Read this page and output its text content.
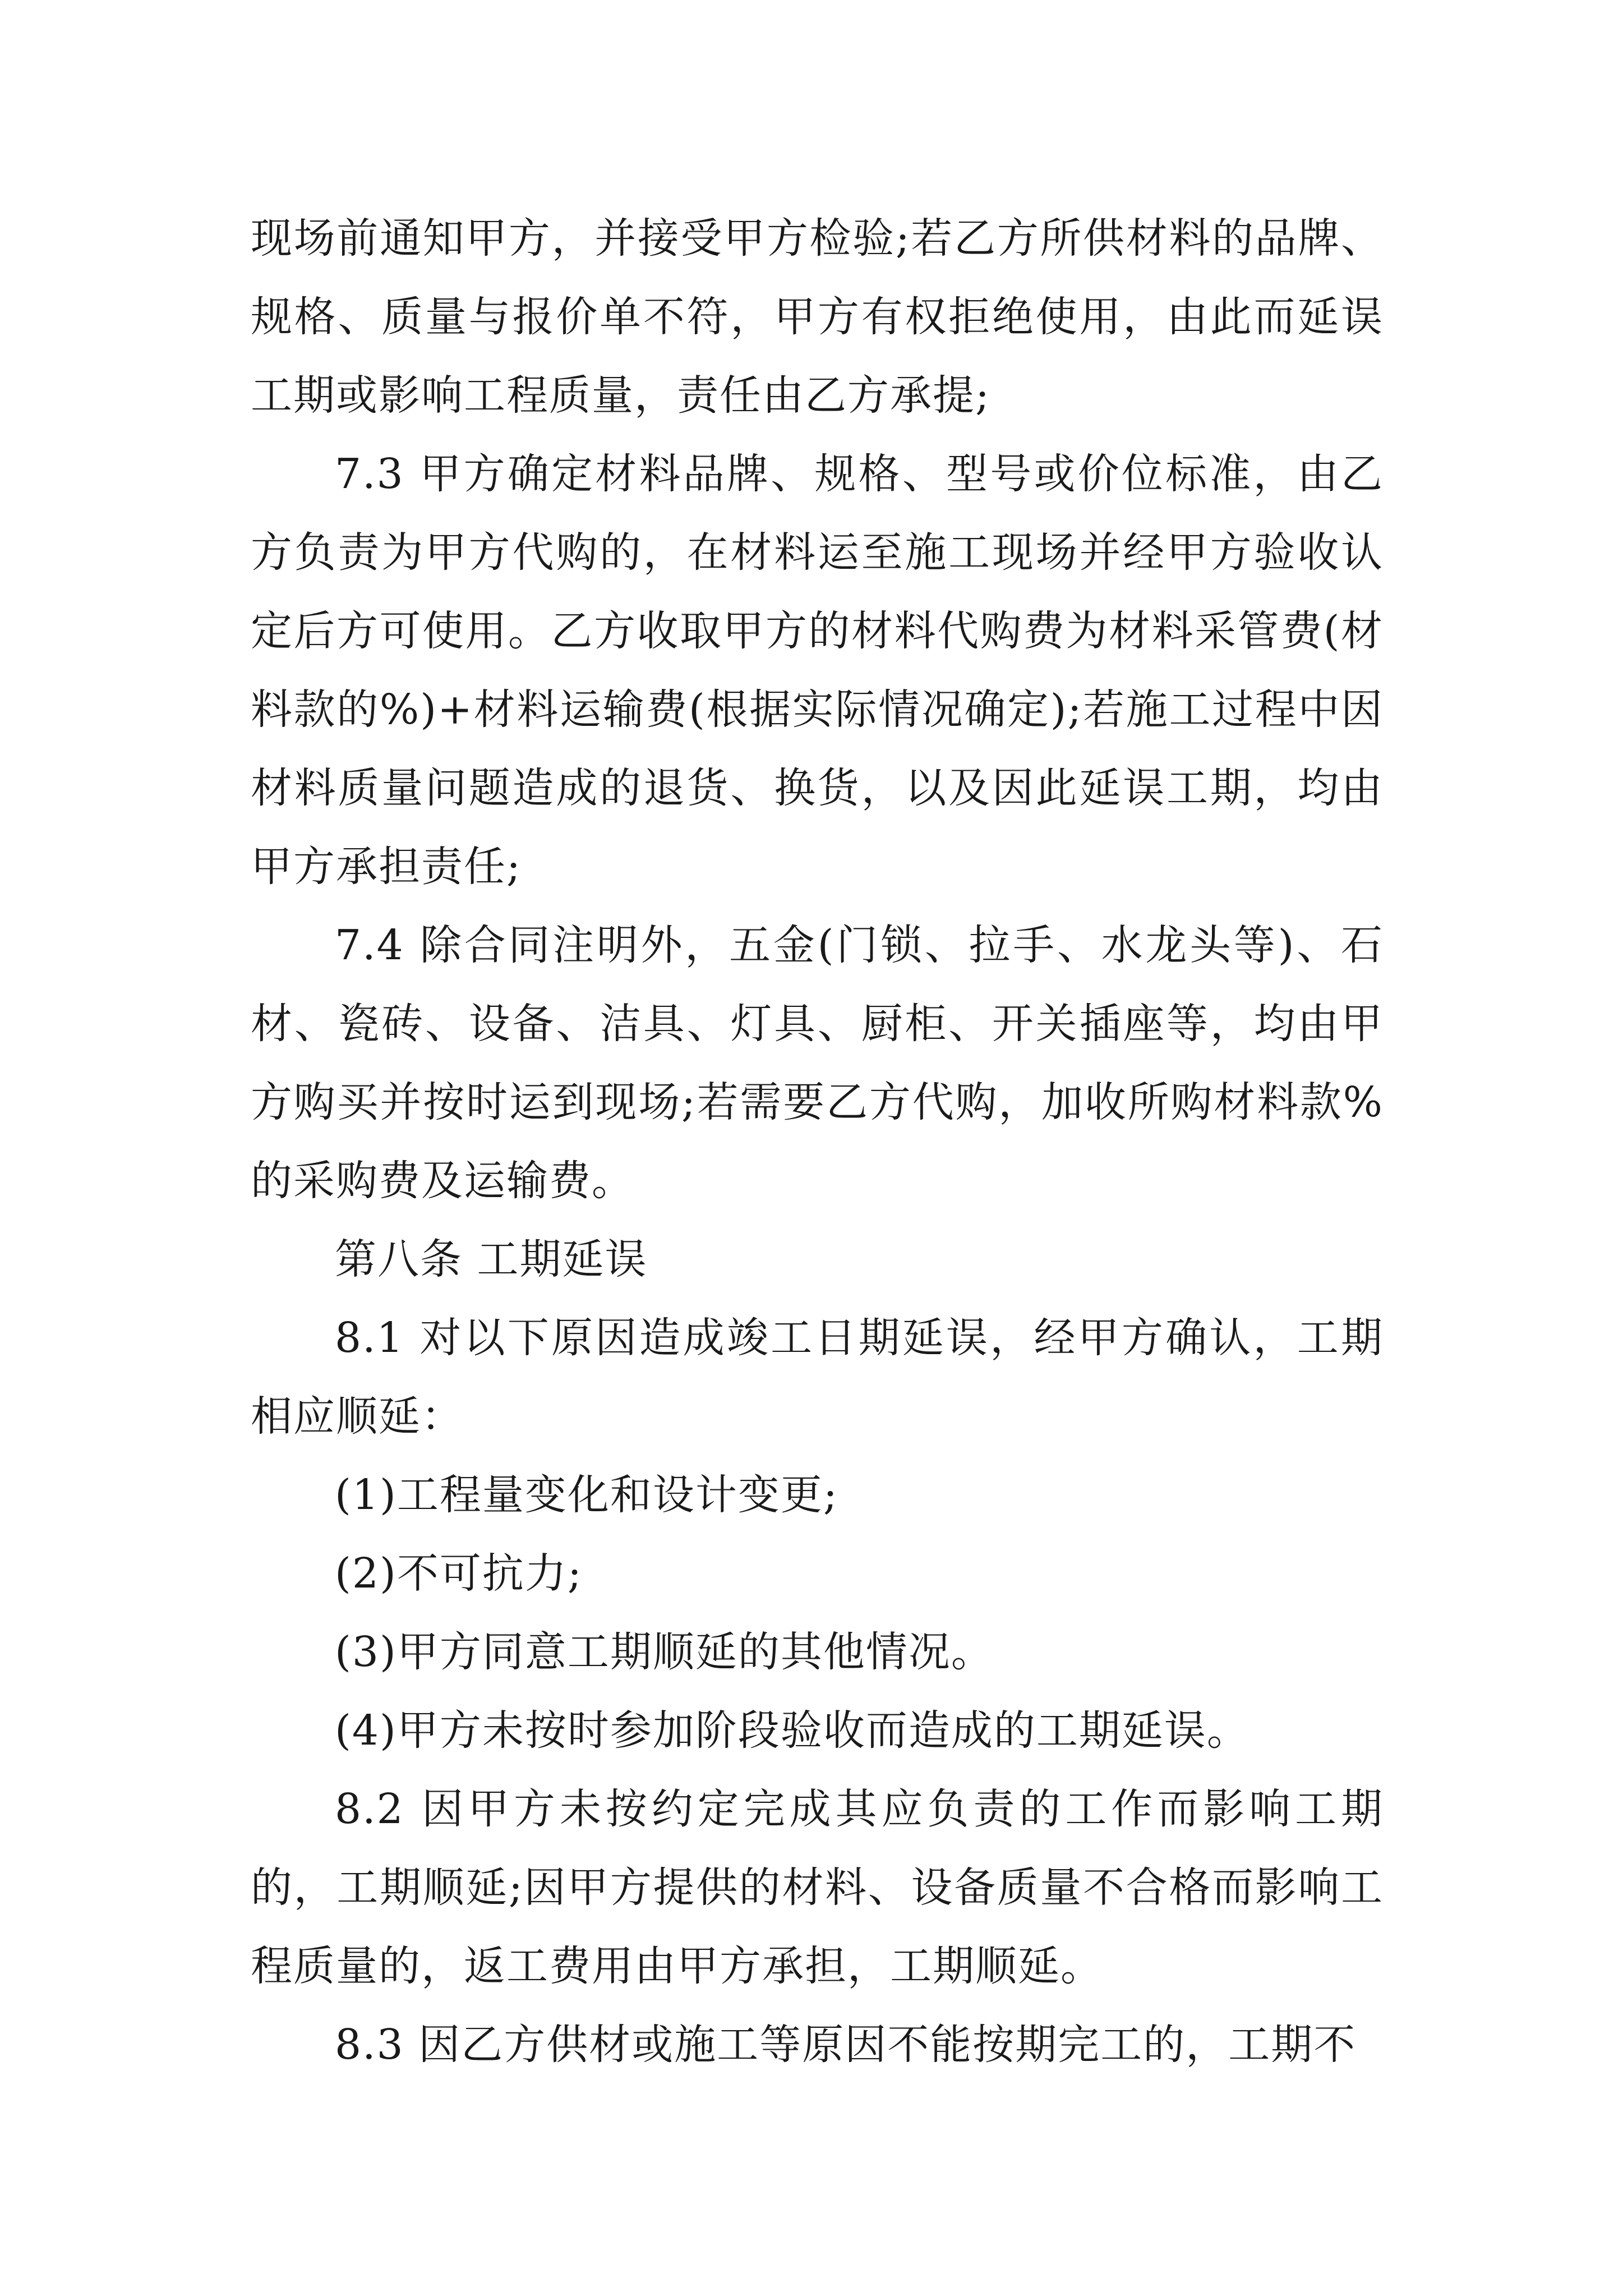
现场前通知甲方，并接受甲方检验;若乙方所供材料的品牌、规格、质量与报价单不符，甲方有权拒绝使用，由此而延误工期或影响工程质量，责任由乙方承提;

7.3 甲方确定材料品牌、规格、型号或价位标准，由乙方负责为甲方代购的，在材料运至施工现场并经甲方验收认定后方可使用。乙方收取甲方的材料代购费为材料采管费(材料款的%)+材料运输费(根据实际情况确定);若施工过程中因材料质量问题造成的退货、换货，以及因此延误工期，均由甲方承担责任;

7.4 除合同注明外，五金(门锁、拉手、水龙头等)、石材、瓷砖、设备、洁具、灯具、厨柜、开关插座等，均由甲方购买并按时运到现场;若需要乙方代购，加收所购材料款%的采购费及运输费。

第八条 工期延误

8.1 对以下原因造成竣工日期延误，经甲方确认，工期相应顺延：

(1)工程量变化和设计变更;

(2)不可抗力;

(3)甲方同意工期顺延的其他情况。

(4)甲方未按时参加阶段验收而造成的工期延误。

8.2 因甲方未按约定完成其应负责的工作而影响工期的，工期顺延;因甲方提供的材料、设备质量不合格而影响工程质量的，返工费用由甲方承担，工期顺延。

8.3 因乙方供材或施工等原因不能按期完工的，工期不
